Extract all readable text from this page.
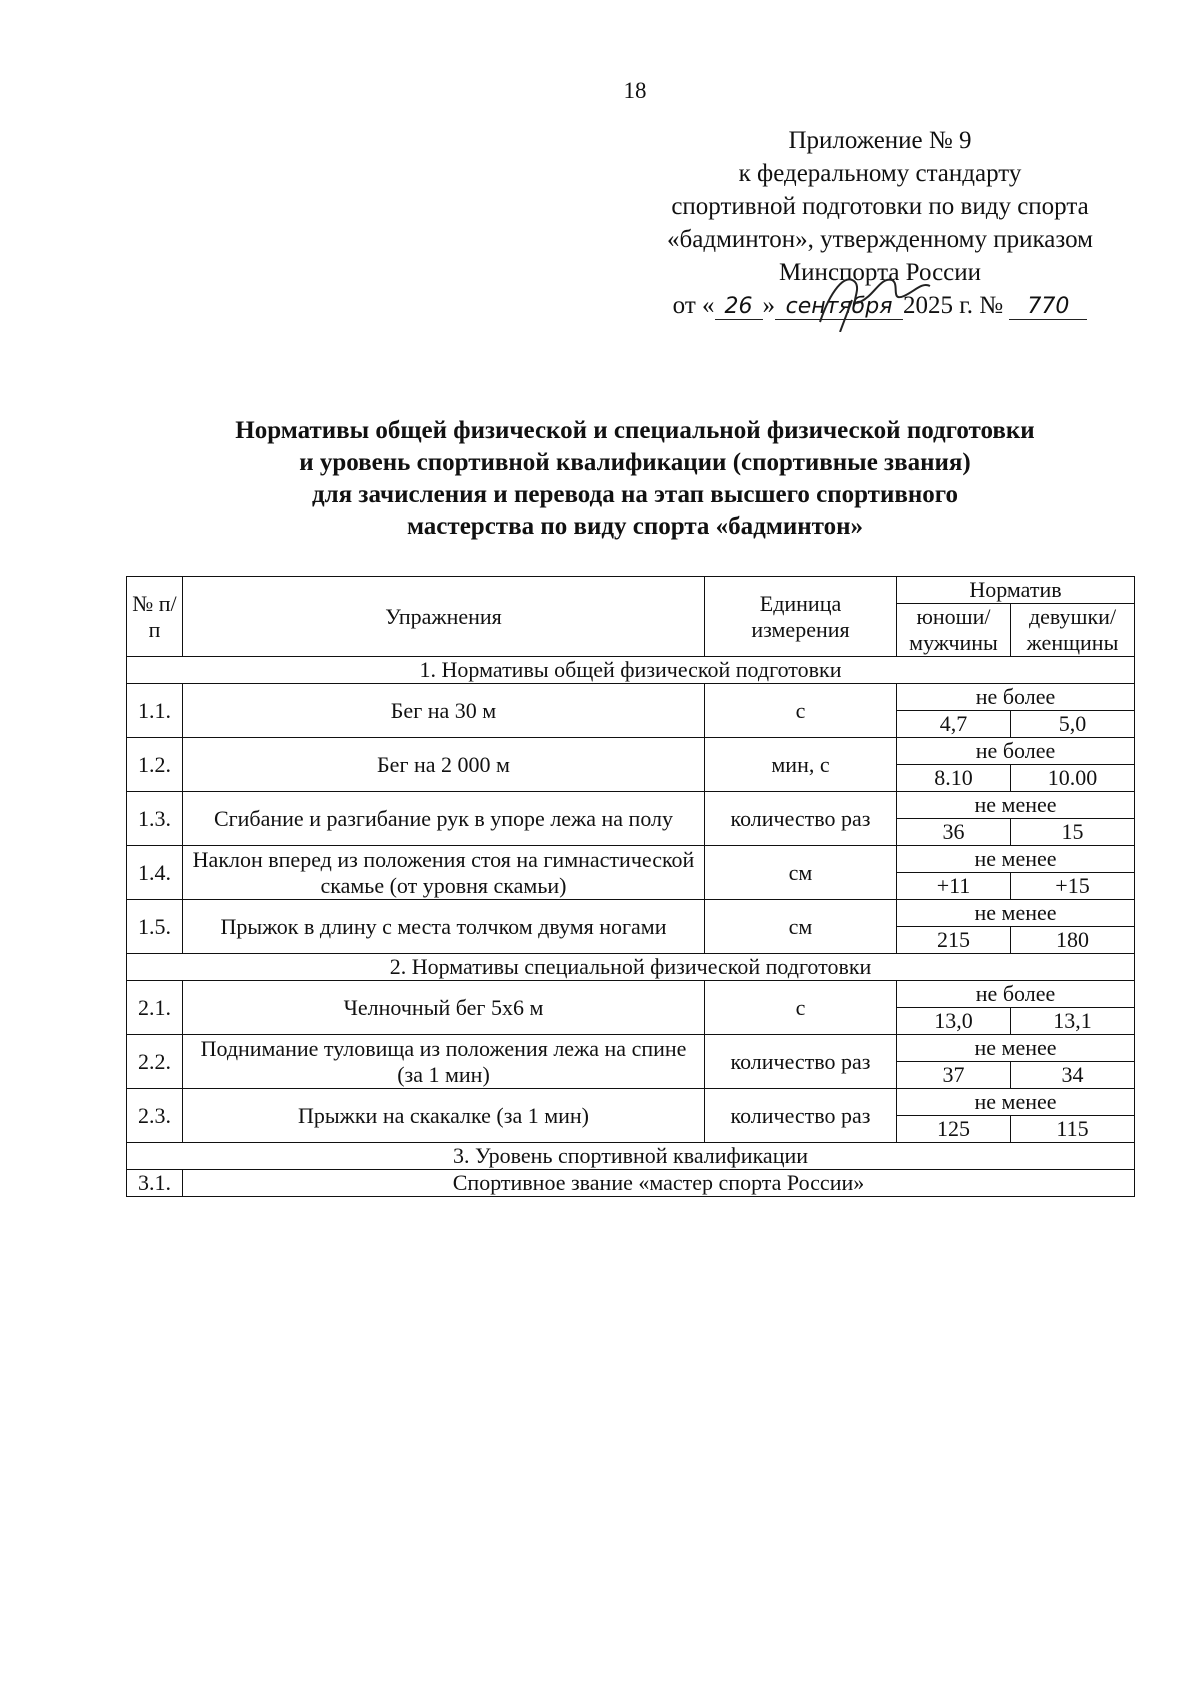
18
Приложение № 9
к федеральному стандарту
спортивной подготовки по виду спорта
«бадминтон», утвержденному приказом
Минспорта России
от « 26 » сентября 2025 г. № 770
Нормативы общей физической и специальной физической подготовки
и уровень спортивной квалификации (спортивные звания)
для зачисления и перевода на этап высшего спортивного
мастерства по виду спорта «бадминтон»
№ п/п	Упражнения	Единица измерения	Норматив	
			юноши/ мужчины	девушки/ женщины

1. Нормативы общей физической подготовки				
1.1.	Бег на 30 м	с	не более	
			4,7	5,0
1.2.	Бег на 2 000 м	мин, с	не более	
			8.10	10.00
1.3.	Сгибание и разгибание рук в упоре лежа на полу	количество раз	не менее	
			36	15
1.4.	Наклон вперед из положения стоя на гимнастической скамье (от уровня скамьи)	см	не менее	
			+11	+15
1.5.	Прыжок в длину с места толчком двумя ногами	см	не менее	
			215	180
2. Нормативы специальной физической подготовки				
2.1.	Челночный бег 5х6 м	с	не более	
			13,0	13,1
2.2.	Поднимание туловища из положения лежа на спине (за 1 мин)	количество раз	не менее	
			37	34
2.3.	Прыжки на скакалке (за 1 мин)	количество раз	не менее	
			125	115
3. Уровень спортивной квалификации				
3.1.	Спортивное звание «мастер спорта России»			
